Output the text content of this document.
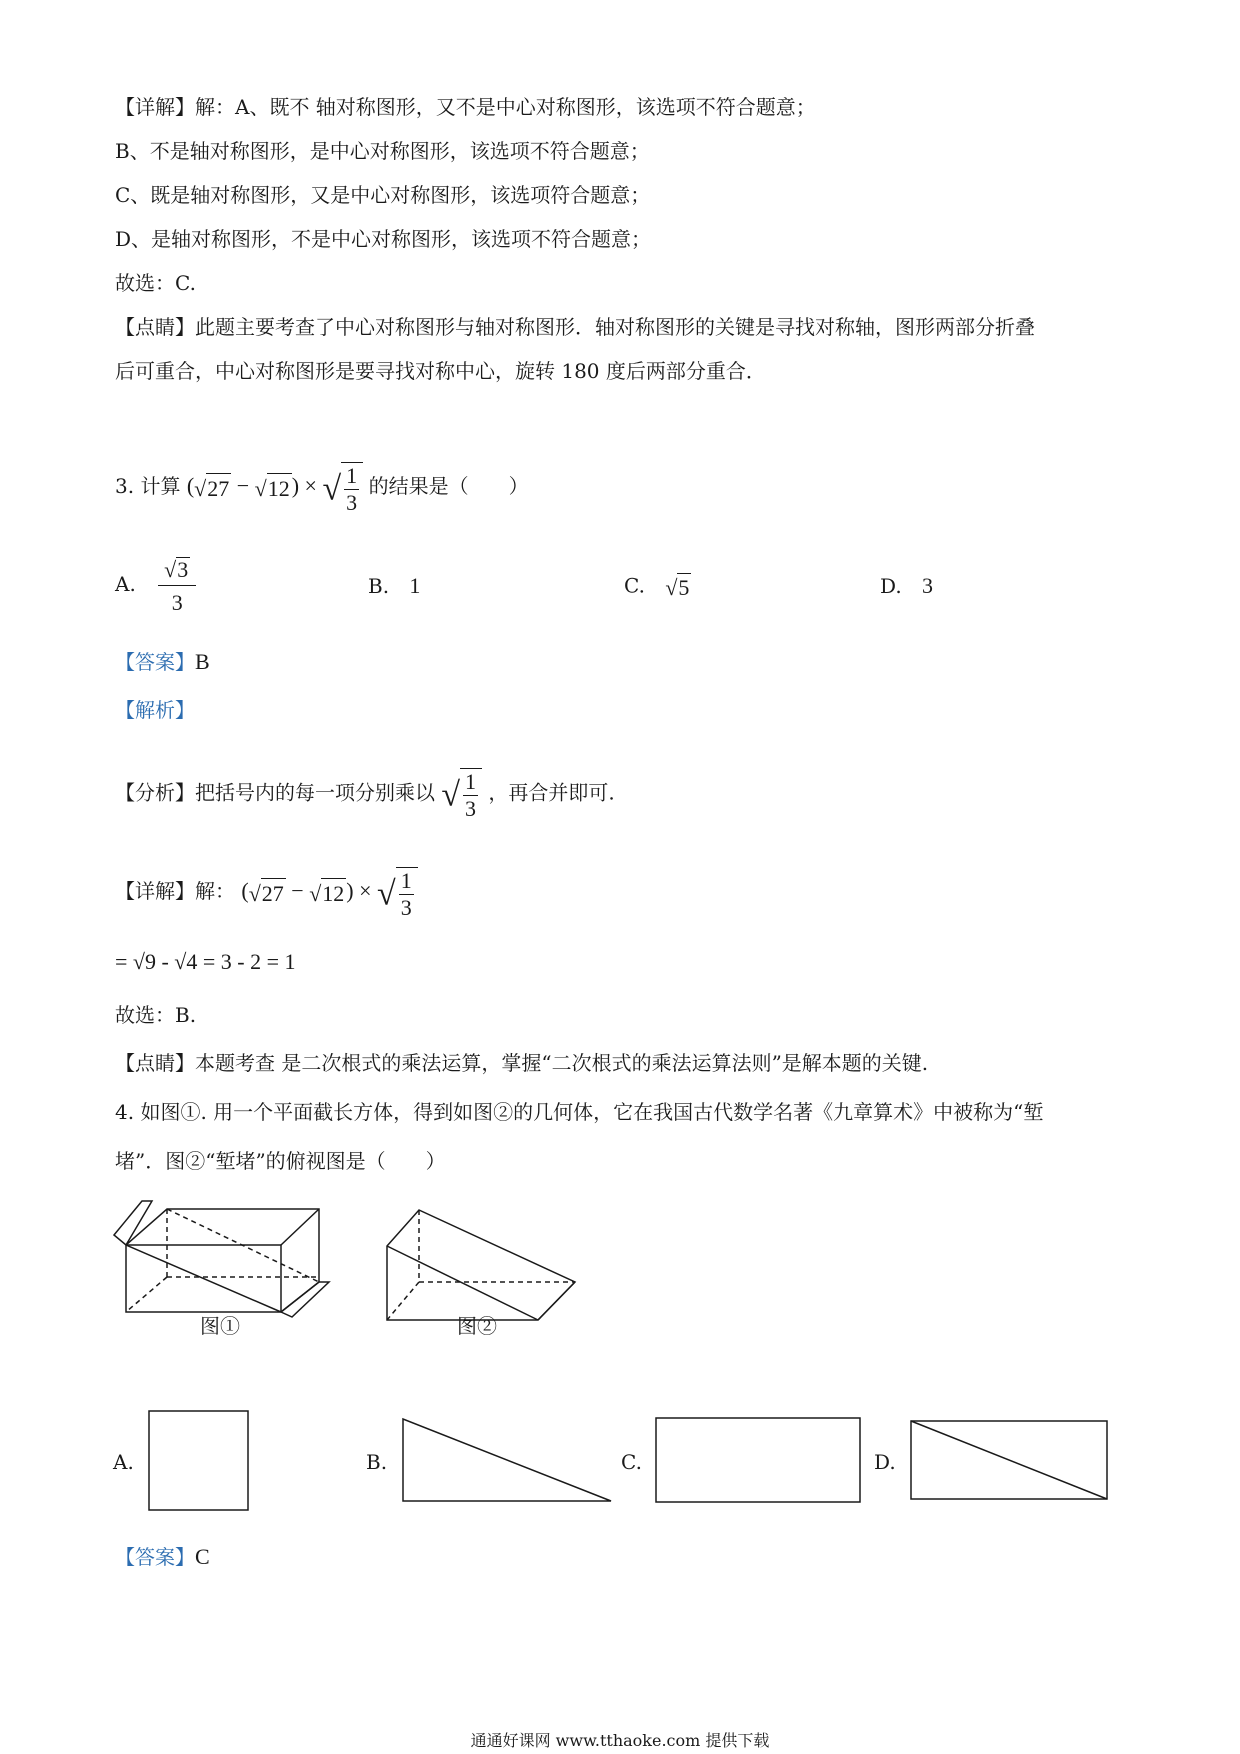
【详解】解：A、既不 轴对称图形，又不是中心对称图形，该选项不符合题意；
B、不是轴对称图形，是中心对称图形，该选项不符合题意；
C、既是轴对称图形，又是中心对称图形，该选项符合题意；
D、是轴对称图形，不是中心对称图形，该选项不符合题意；
故选：C.
【点睛】此题主要考查了中心对称图形与轴对称图形．轴对称图形的关键是寻找对称轴，图形两部分折叠
后可重合，中心对称图形是要寻找对称中心，旋转 180 度后两部分重合．
3. 计算 (√27 − √12) × √ $\frac{1}{3}$ 的结果是（　　）
A. $\frac{√3}{3}$	B. 1	C. √5	D. 3
【答案】B
【解析】
【分析】把括号内的每一项分别乘以 √ $\frac{1}{3}$ ，再合并即可.
【详解】解： (√27 − √12) × √ $\frac{1}{3}$
= √9 - √4 = 3 - 2 = 1
故选：B.
【点睛】本题考查 是二次根式的乘法运算，掌握“二次根式的乘法运算法则”是解本题的关键.
4. 如图①. 用一个平面截长方体，得到如图②的几何体，它在我国古代数学名著《九章算术》中被称为“堑
堵”．图②“堑堵”的俯视图是（　　）
图①	图②
A.	B.	C.	D.
【答案】C
通通好课网 www.tthaoke.com 提供下载
